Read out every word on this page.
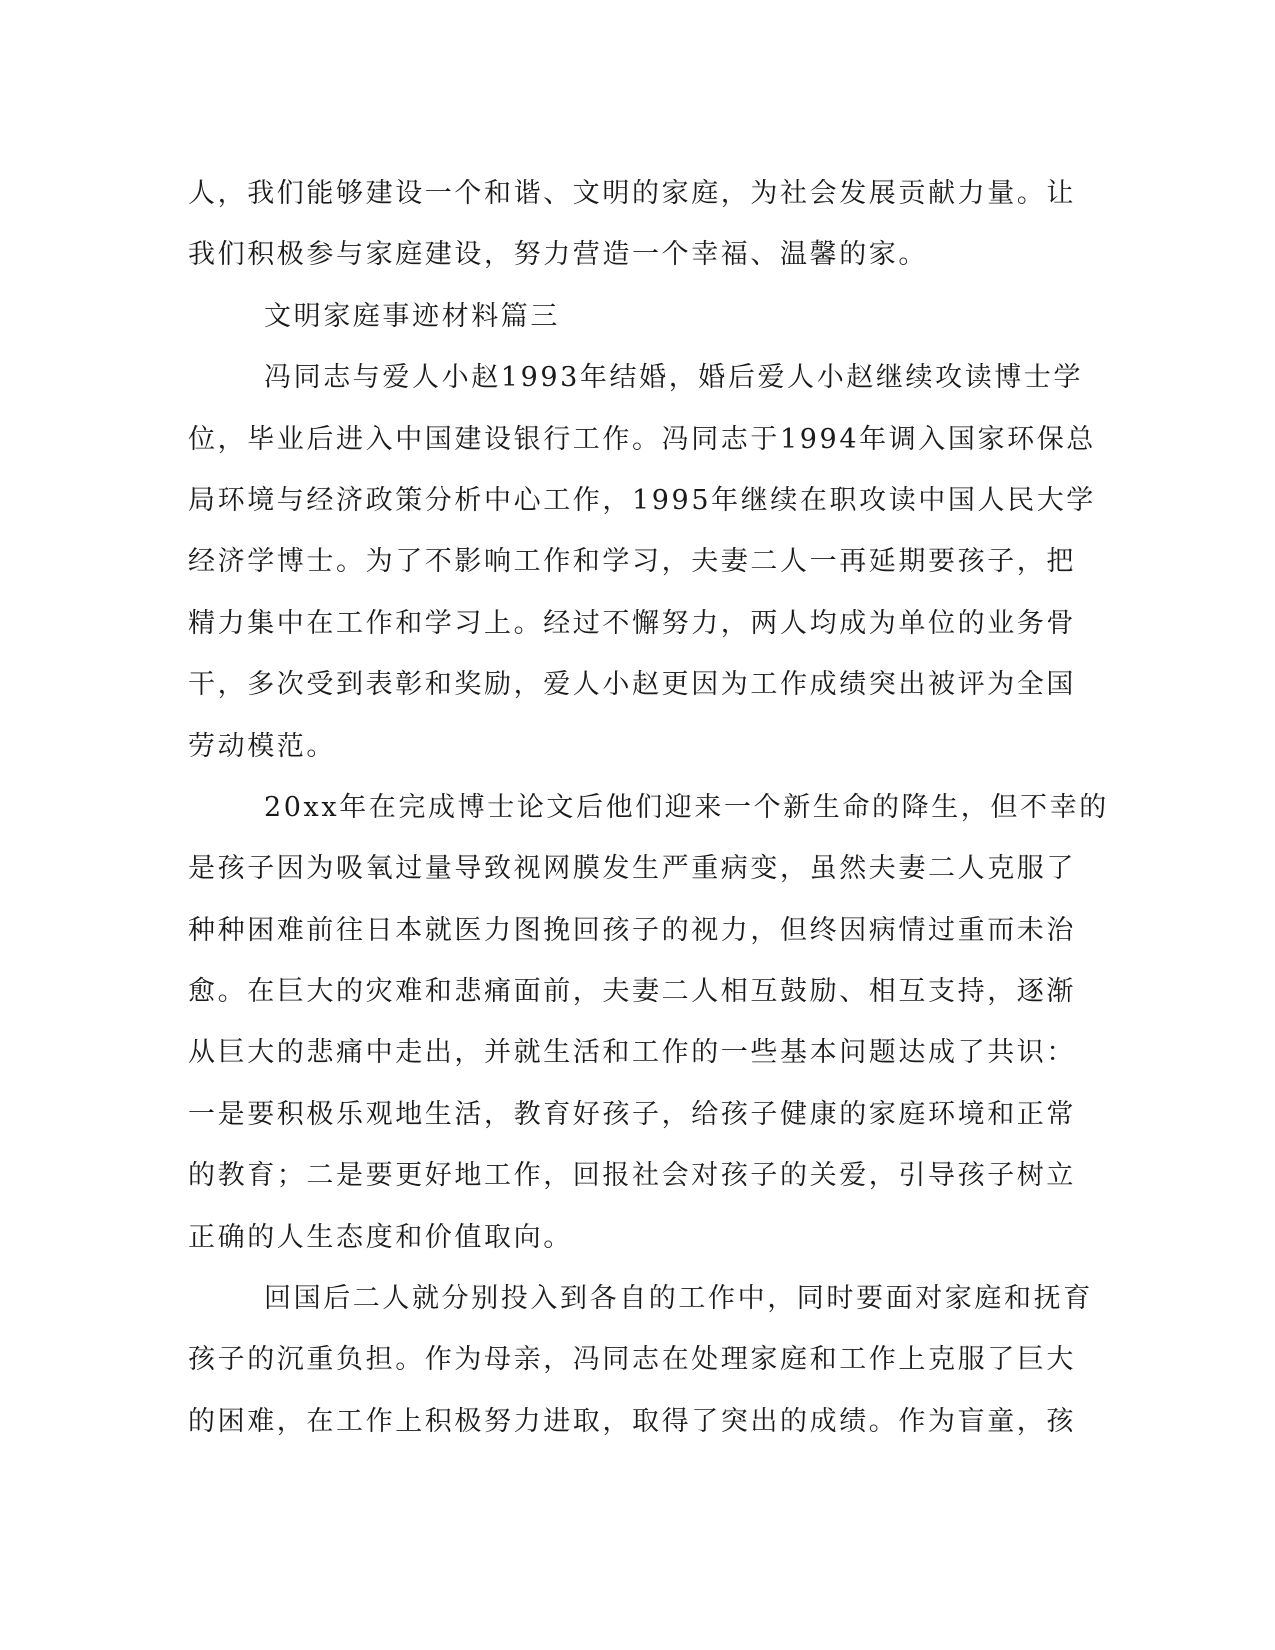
人，我们能够建设一个和谐、文明的家庭，为社会发展贡献力量。让
我们积极参与家庭建设，努力营造一个幸福、温馨的家。
文明家庭事迹材料篇三
冯同志与爱人小赵1993年结婚，婚后爱人小赵继续攻读博士学
位，毕业后进入中国建设银行工作。冯同志于1994年调入国家环保总
局环境与经济政策分析中心工作，1995年继续在职攻读中国人民大学
经济学博士。为了不影响工作和学习，夫妻二人一再延期要孩子，把
精力集中在工作和学习上。经过不懈努力，两人均成为单位的业务骨
干，多次受到表彰和奖励，爱人小赵更因为工作成绩突出被评为全国
劳动模范。
20xx年在完成博士论文后他们迎来一个新生命的降生，但不幸的
是孩子因为吸氧过量导致视网膜发生严重病变，虽然夫妻二人克服了
种种困难前往日本就医力图挽回孩子的视力，但终因病情过重而未治
愈。在巨大的灾难和悲痛面前，夫妻二人相互鼓励、相互支持，逐渐
从巨大的悲痛中走出，并就生活和工作的一些基本问题达成了共识：
一是要积极乐观地生活，教育好孩子，给孩子健康的家庭环境和正常
的教育；二是要更好地工作，回报社会对孩子的关爱，引导孩子树立
正确的人生态度和价值取向。
回国后二人就分别投入到各自的工作中，同时要面对家庭和抚育
孩子的沉重负担。作为母亲，冯同志在处理家庭和工作上克服了巨大
的困难，在工作上积极努力进取，取得了突出的成绩。作为盲童，孩
